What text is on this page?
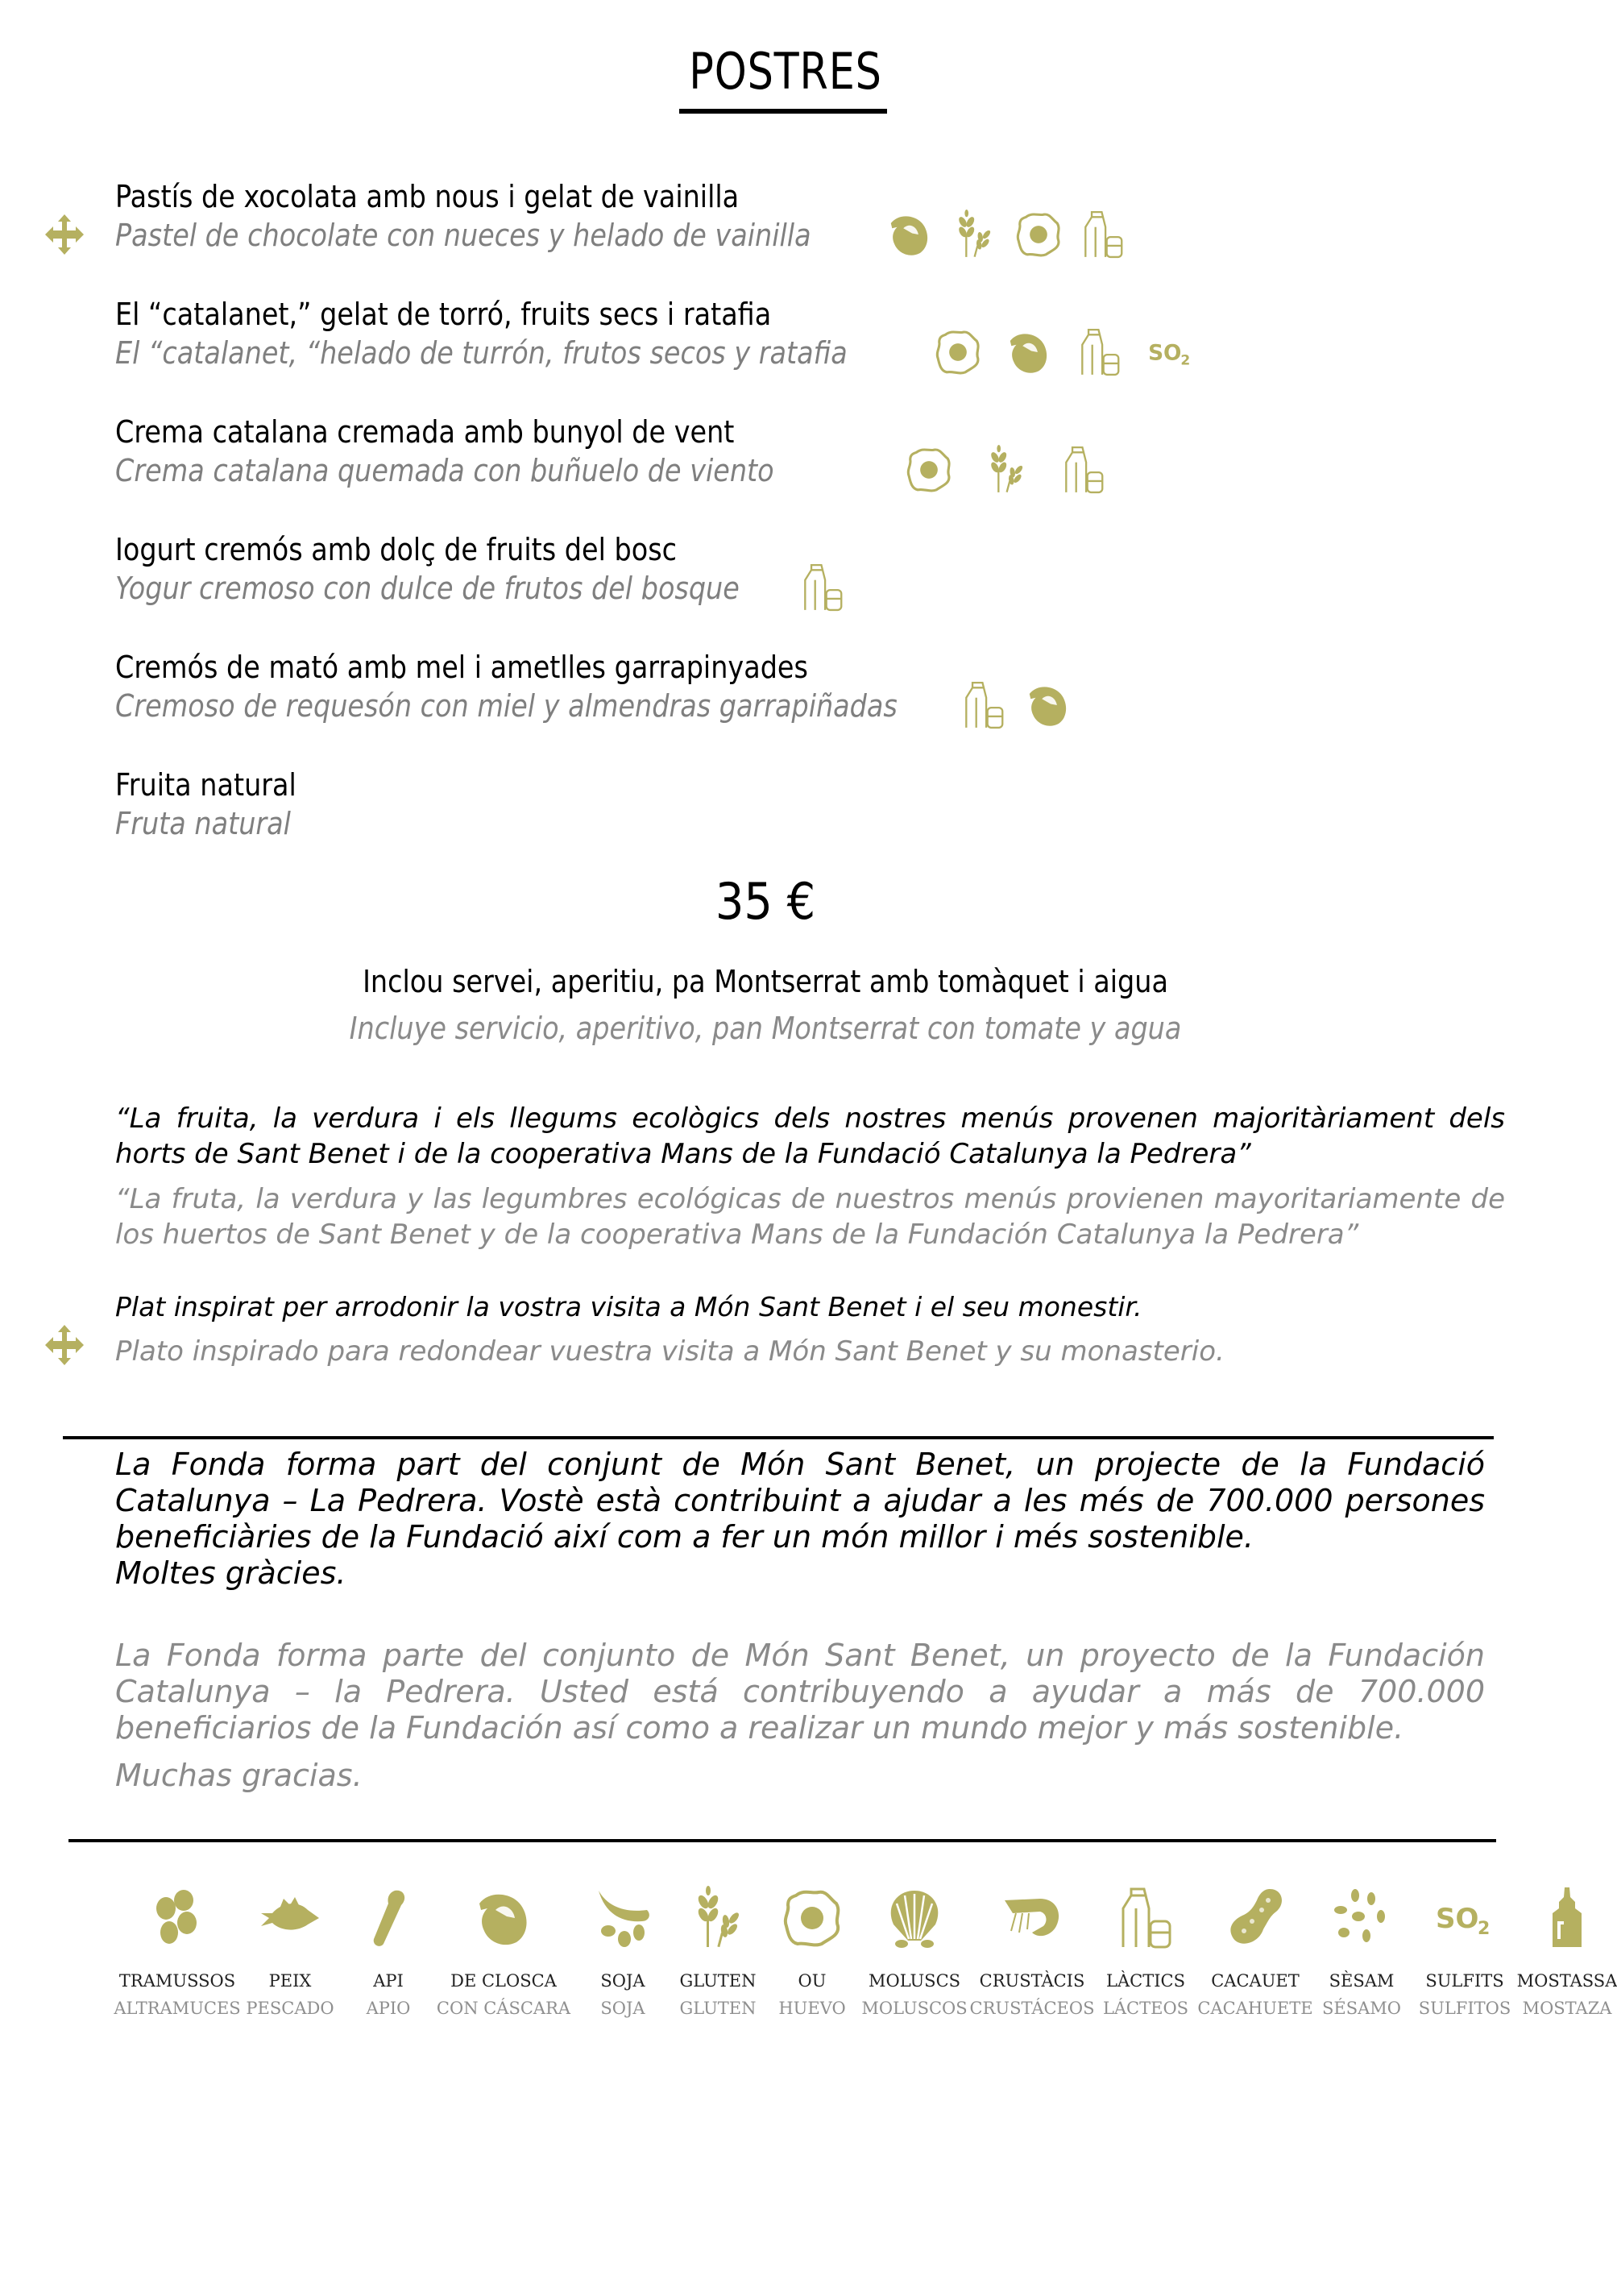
POSTRES
Pastís de xocolata amb nous i gelat de vainilla
Pastel de chocolate con nueces y helado de vainilla
El “catalanet,” gelat de torró, fruits secs i ratafia
El “catalanet, “helado de turrón, frutos secos y ratafia	SO
2
Crema catalana cremada amb bunyol de vent
Crema catalana quemada con buñuelo de viento
Iogurt cremós amb dolç de fruits del bosc
Yogur cremoso con dulce de frutos del bosque
Cremós de mató amb mel i ametlles garrapinyades
Cremoso de requesón con miel y almendras garrapiñadas
Fruita natural
Fruta natural
35 €
Inclou servei, aperitiu, pa Montserrat amb tomàquet i aigua
Incluye servicio, aperitivo, pan Montserrat con tomate y agua
“La fruita, la verdura i els llegums ecològics dels nostres menús provenen majoritàriament dels horts de Sant Benet i de la cooperativa Mans de la Fundació Catalunya la Pedrera”
“La fruta, la verdura y las legumbres ecológicas de nuestros menús provienen mayoritariamente de los huertos de Sant Benet y de la cooperativa Mans de la Fundación Catalunya la Pedrera”
Plat inspirat per arrodonir la vostra visita a Món Sant Benet i el seu monestir.
Plato inspirado para redondear vuestra visita a Món Sant Benet y su monasterio.

La Fonda forma part del conjunt de Món Sant Benet, un projecte de la Fundació Catalunya – La Pedrera. Vostè està contribuint a ajudar a les més de 700.000 persones beneficiàries de la Fundació així com a fer un món millor i més sostenible.

Moltes gràcies.

La Fonda forma parte del conjunto de Món Sant Benet, un proyecto de la Fundación Catalunya – la Pedrera. Usted está contribuyendo a ayudar a más de 700.000 beneficiarios de la Fundación así como a realizar un mundo mejor y más sostenible.

Muchas gracias.

TRAMUSSOS
ALTRAMUCES
PEIX
PESCADO
API
APIO
DE CLOSCA
CON CÁSCARA
SOJA
SOJA
GLUTEN
GLUTEN
OU
HUEVO
MOLUSCS
MOLUSCOS
CRUSTÀCIS
CRUSTÁCEOS
LÀCTICS
LÁCTEOS
CACAUET
CACAHUETE
SÈSAM
SÉSAMO
SO
2
SULFITS
SULFITOS
MOSTASSA
MOSTAZA
